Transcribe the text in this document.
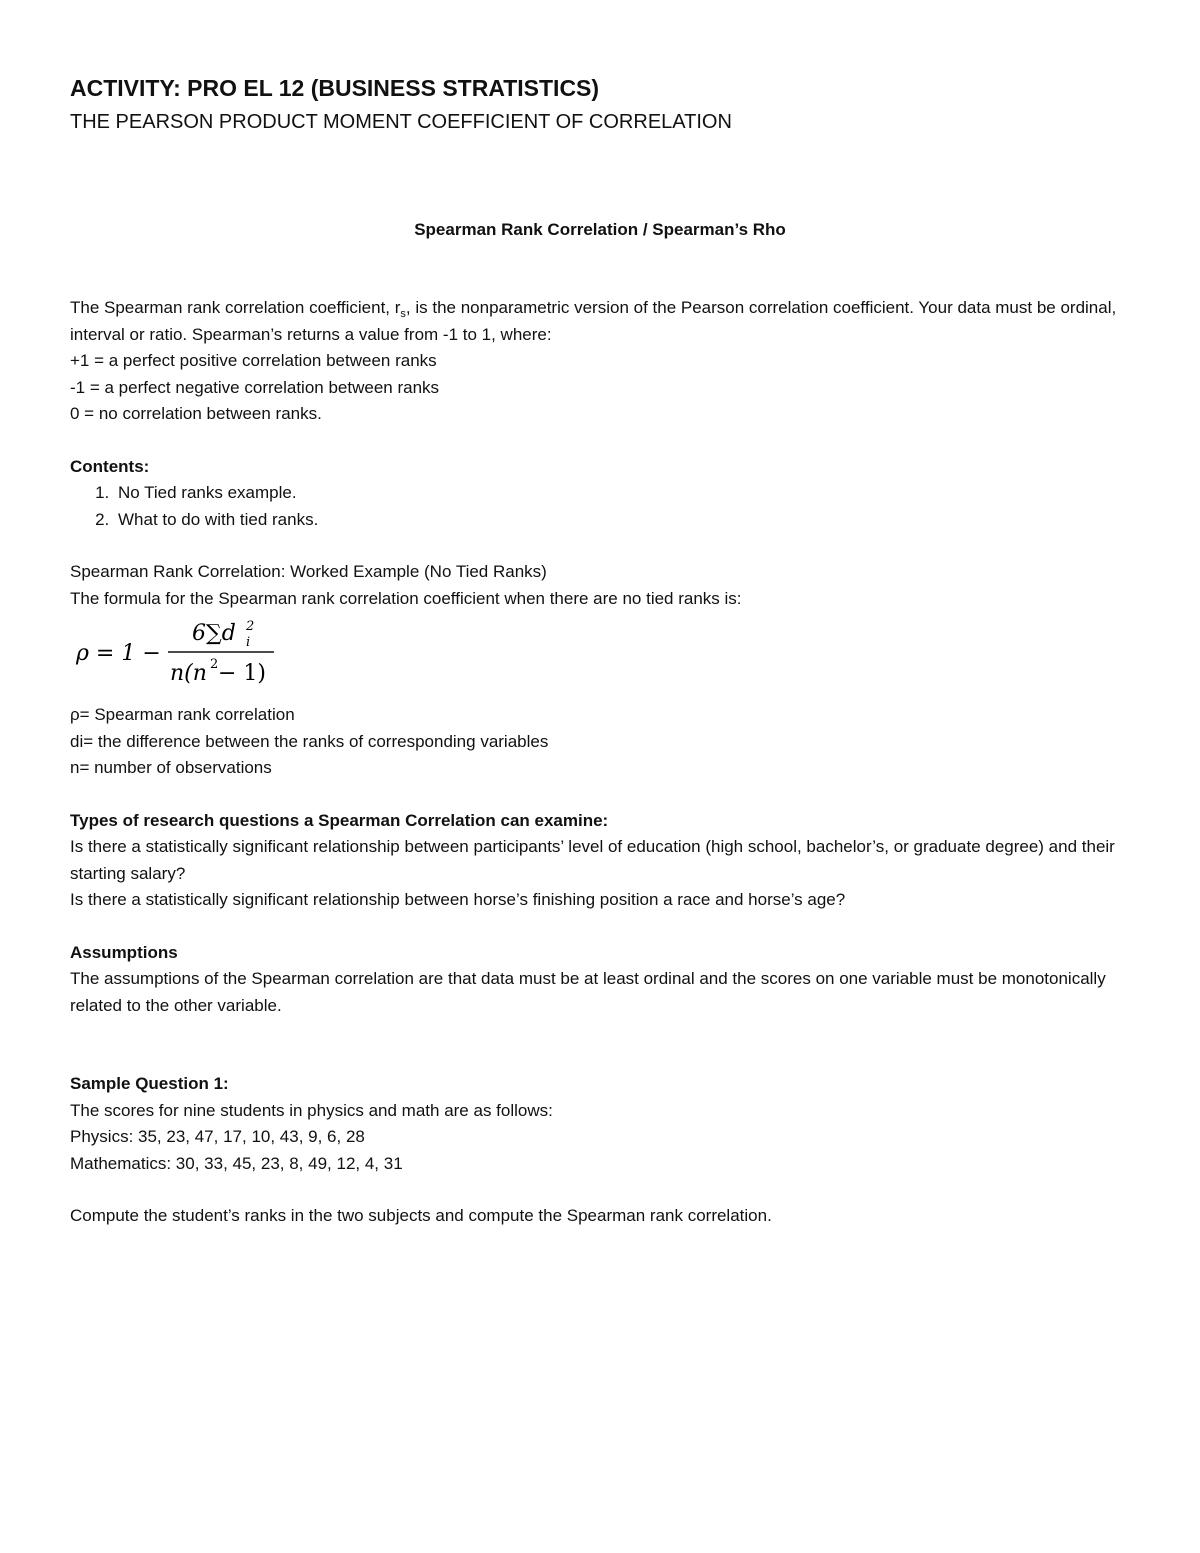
ACTIVITY: PRO EL 12 (BUSINESS STRATISTICS)
THE PEARSON PRODUCT MOMENT COEFFICIENT OF CORRELATION
Spearman Rank Correlation / Spearman’s Rho

The Spearman rank correlation coefficient, $r_s$, is the nonparametric version of the Pearson correlation coefficient. Your data must be ordinal, interval or ratio. Spearman’s returns a value from -1 to 1, where:

+1 = a perfect positive correlation between ranks

-1 = a perfect negative correlation between ranks

0 = no correlation between ranks.

Contents:

1. No Tied ranks example.
2. What to do with tied ranks.

Spearman Rank Correlation: Worked Example (No Tied Ranks)

The formula for the Spearman rank correlation coefficient when there are no tied ranks is:

ρ = 1 −
6∑d 2
i
n(n 2 − 1)

ρ= Spearman rank correlation

di= the difference between the ranks of corresponding variables

n= number of observations

Types of research questions a Spearman Correlation can examine:

Is there a statistically significant relationship between participants’ level of education (high school, bachelor’s, or graduate degree) and their starting salary?

Is there a statistically significant relationship between horse’s finishing position a race and horse’s age?

Assumptions

The assumptions of the Spearman correlation are that data must be at least ordinal and the scores on one variable must be monotonically related to the other variable.

Sample Question 1:

The scores for nine students in physics and math are as follows:

Physics: 35, 23, 47, 17, 10, 43, 9, 6, 28

Mathematics: 30, 33, 45, 23, 8, 49, 12, 4, 31

Compute the student’s ranks in the two subjects and compute the Spearman rank correlation.
